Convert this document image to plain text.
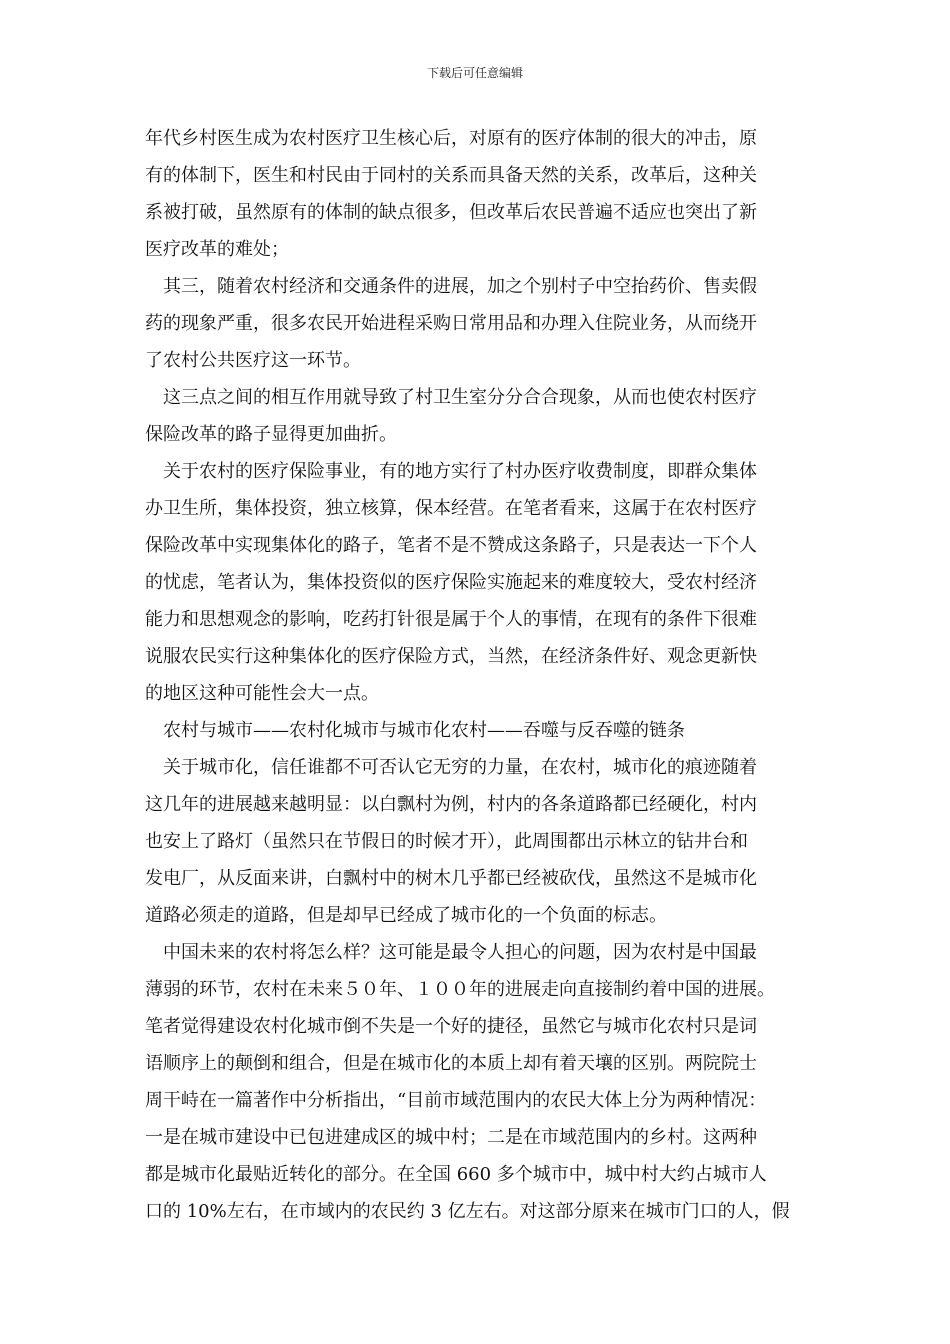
下载后可任意编辑
年代乡村医生成为农村医疗卫生核心后，对原有的医疗体制的很大的冲击，原
有的体制下，医生和村民由于同村的关系而具备天然的关系，改革后，这种关
系被打破，虽然原有的体制的缺点很多，但改革后农民普遍不适应也突出了新
医疗改革的难处；
其三，随着农村经济和交通条件的进展，加之个别村子中空抬药价、售卖假
药的现象严重，很多农民开始进程采购日常用品和办理入住院业务，从而绕开
了农村公共医疗这一环节。
这三点之间的相互作用就导致了村卫生室分分合合现象，从而也使农村医疗
保险改革的路子显得更加曲折。
关于农村的医疗保险事业，有的地方实行了村办医疗收费制度，即群众集体
办卫生所，集体投资，独立核算，保本经营。在笔者看来，这属于在农村医疗
保险改革中实现集体化的路子，笔者不是不赞成这条路子，只是表达一下个人
的忧虑，笔者认为，集体投资似的医疗保险实施起来的难度较大，受农村经济
能力和思想观念的影响，吃药打针很是属于个人的事情，在现有的条件下很难
说服农民实行这种集体化的医疗保险方式，当然，在经济条件好、观念更新快
的地区这种可能性会大一点。
农村与城市——农村化城市与城市化农村——吞噬与反吞噬的链条
关于城市化，信任谁都不可否认它无穷的力量，在农村，城市化的痕迹随着
这几年的进展越来越明显：以白飘村为例，村内的各条道路都已经硬化，村内
也安上了路灯（虽然只在节假日的时候才开），此周围都出示林立的钻井台和
发电厂，从反面来讲，白飘村中的树木几乎都已经被砍伐，虽然这不是城市化
道路必须走的道路，但是却早已经成了城市化的一个负面的标志。
中国未来的农村将怎么样？这可能是最令人担心的问题，因为农村是中国最
薄弱的环节，农村在未来５０年、１００年的进展走向直接制约着中国的进展。
笔者觉得建设农村化城市倒不失是一个好的捷径，虽然它与城市化农村只是词
语顺序上的颠倒和组合，但是在城市化的本质上却有着天壤的区别。两院院士
周干峙在一篇著作中分析指出，“目前市域范围内的农民大体上分为两种情况：
一是在城市建设中已包进建成区的城中村；二是在市域范围内的乡村。这两种
都是城市化最贴近转化的部分。在全国 660 多个城市中，城中村大约占城市人
口的 10%左右，在市域内的农民约 3 亿左右。对这部分原来在城市门口的人，假
